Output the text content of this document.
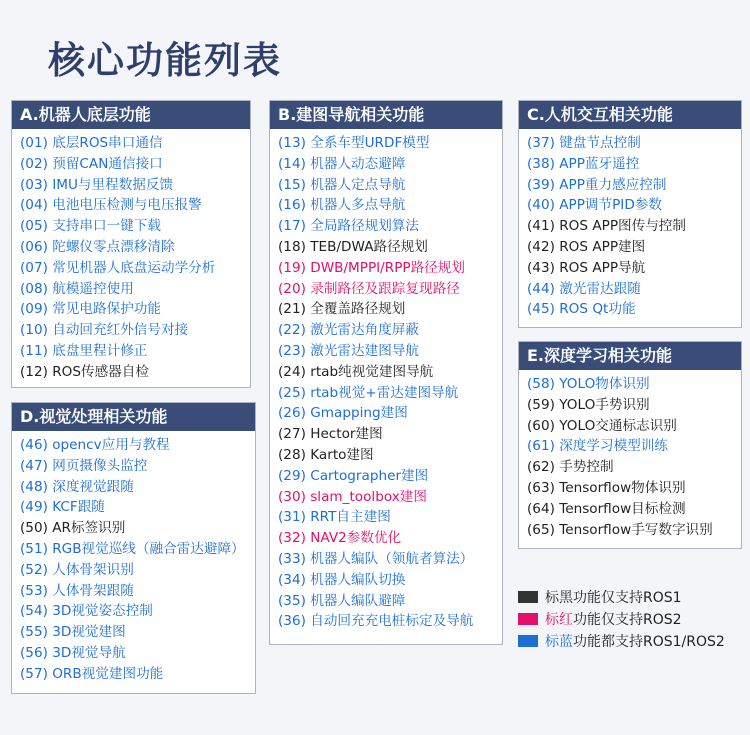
核心功能列表
A.机器人底层功能
(01) 底层ROS串口通信
(02) 预留CAN通信接口
(03) IMU与里程数据反馈
(04) 电池电压检测与电压报警
(05) 支持串口一键下载
(06) 陀螺仪零点漂移清除
(07) 常见机器人底盘运动学分析
(08) 航模遥控使用
(09) 常见电路保护功能
(10) 自动回充红外信号对接
(11) 底盘里程计修正
(12) ROS传感器自检
B.建图导航相关功能
(13) 全系车型URDF模型
(14) 机器人动态避障
(15) 机器人定点导航
(16) 机器人多点导航
(17) 全局路径规划算法
(18) TEB/DWA路径规划
(19) DWB/MPPI/RPP路径规划
(20) 录制路径及跟踪复现路径
(21) 全覆盖路径规划
(22) 激光雷达角度屏蔽
(23) 激光雷达建图导航
(24) rtab纯视觉建图导航
(25) rtab视觉+雷达建图导航
(26) Gmapping建图
(27) Hector建图
(28) Karto建图
(29) Cartographer建图
(30) slam_toolbox建图
(31) RRT自主建图
(32) NAV2参数优化
(33) 机器人编队（领航者算法）
(34) 机器人编队切换
(35) 机器人编队避障
(36) 自动回充充电桩标定及导航
C.人机交互相关功能
(37) 键盘节点控制
(38) APP蓝牙遥控
(39) APP重力感应控制
(40) APP调节PID参数
(41) ROS APP图传与控制
(42) ROS APP建图
(43) ROS APP导航
(44) 激光雷达跟随
(45) ROS Qt功能
D.视觉处理相关功能
(46) opencv应用与教程
(47) 网页摄像头监控
(48) 深度视觉跟随
(49) KCF跟随
(50) AR标签识别
(51) RGB视觉巡线（融合雷达避障）
(52) 人体骨架识别
(53) 人体骨架跟随
(54) 3D视觉姿态控制
(55) 3D视觉建图
(56) 3D视觉导航
(57) ORB视觉建图功能
E.深度学习相关功能
(58) YOLO物体识别
(59) YOLO手势识别
(60) YOLO交通标志识别
(61) 深度学习模型训练
(62) 手势控制
(63) Tensorflow物体识别
(64) Tensorflow目标检测
(65) Tensorflow手写数字识别
标黑功能仅支持ROS1
标红功能仅支持ROS2
标蓝功能都支持ROS1/ROS2
